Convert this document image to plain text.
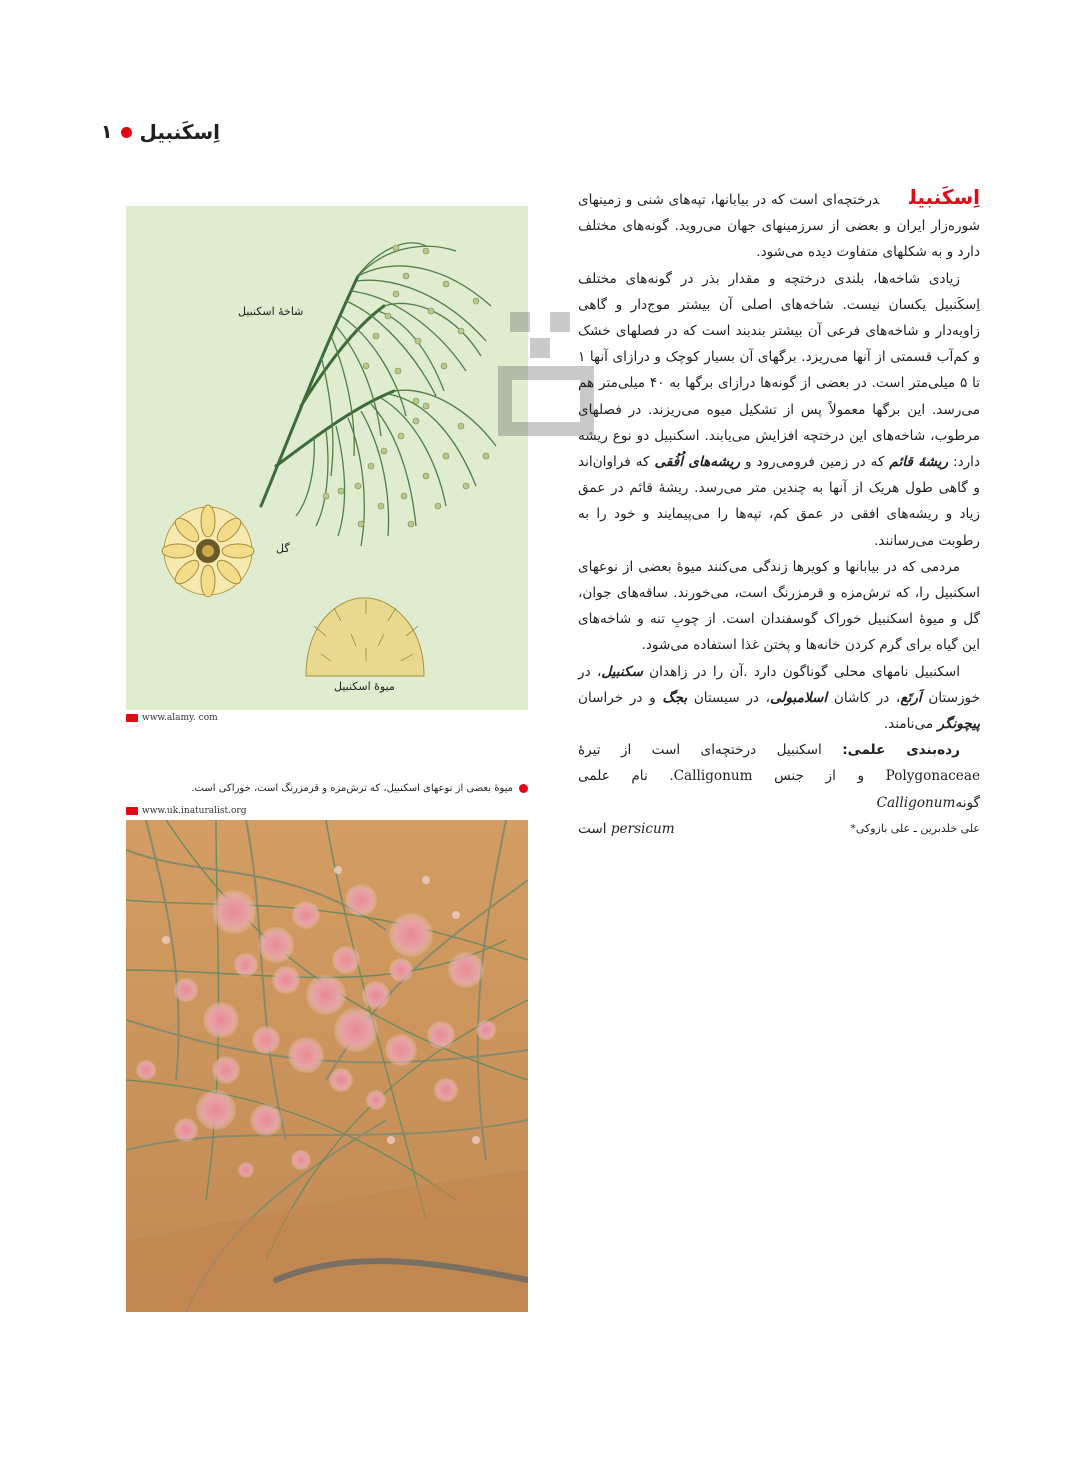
اِسکَنبیل
۱
شاخهٔ اسکنبیل
گل
میوهٔ اسکنبیل
www.alamy. com
میوهٔ بعضی از نوعهای اسکنبیل، که ترش‌مزه و قرمزرنگ است، خوراکی است.
www.uk.inaturalist.org

اِسکَنبیلدرختچه‌ای است که در بیابانها، تپه‌های شنی و زمینهای شوره‌زار ایران و بعضی از سرزمینهای جهان می‌روید. گونه‌های مختلف دارد و به شکلهای متفاوت دیده می‌شود.

زیادی شاخه‌ها، بلندی درختچه و مقدار بذر در گونه‌های مختلف اِسکَنبیل یکسان نیست. شاخه‌های اصلی آن بیشتر موج‌دار و گاهی زاویه‌دار و شاخه‌های فرعی آن بیشتر بندبند است که در فصلهای خشک و کم‌آب قسمتی از آنها می‌ریزد. برگهای آن بسیار کوچک و درازای آنها ۱ تا ۵ میلی‌متر است. در بعضی از گونه‌ها درازای برگها به ۴۰ میلی‌متر هم می‌رسد. این برگها معمولاً پس از تشکیل میوه می‌ریزند. در فصلهای مرطوب، شاخه‌های این درختچه افزایش می‌یابند. اسکنبیل دو نوع ریشه دارد: ریشهٔ قائم که در زمین فرومی‌رود و ریشه‌های اُفُقی که فراوان‌اند و گاهی طول هریک از آنها به چندین متر می‌رسد. ریشهٔ قائم در عمق زیاد و ریشه‌های افقی در عمق کم، تپه‌ها را می‌پیمایند و خود را به رطوبت می‌رسانند.

مردمی که در بیابانها و کویرها زندگی می‌کنند میوهٔ بعضی از نوعهای اسکنبیل را، که ترش‌مزه و قرمزرنگ است، می‌خورند. ساقه‌های جوان، گل و میوهٔ اسکنبیل خوراک گوسفندان است. از چوبِ تنه و شاخه‌های این گیاه برای گرم کردن خانه‌ها و پختن غذا استفاده می‌شود.

اسکنبیل نامهای محلی گوناگون دارد .آن را در زاهدان سکنبیل، در خوزستان اَرتَع، در کاشان اسلامبولی، در سیستان بجگ و در خراسان پیچونگر می‌نامند.

رده‌بندی علمی: اسکنبیل درختچه‌ای است از تیرهٔ Polygonaceae و از جنس Calligonum. نام علمی گونهCalligonum

علی خلدبرین ـ علی بازوکی*
persicum است
